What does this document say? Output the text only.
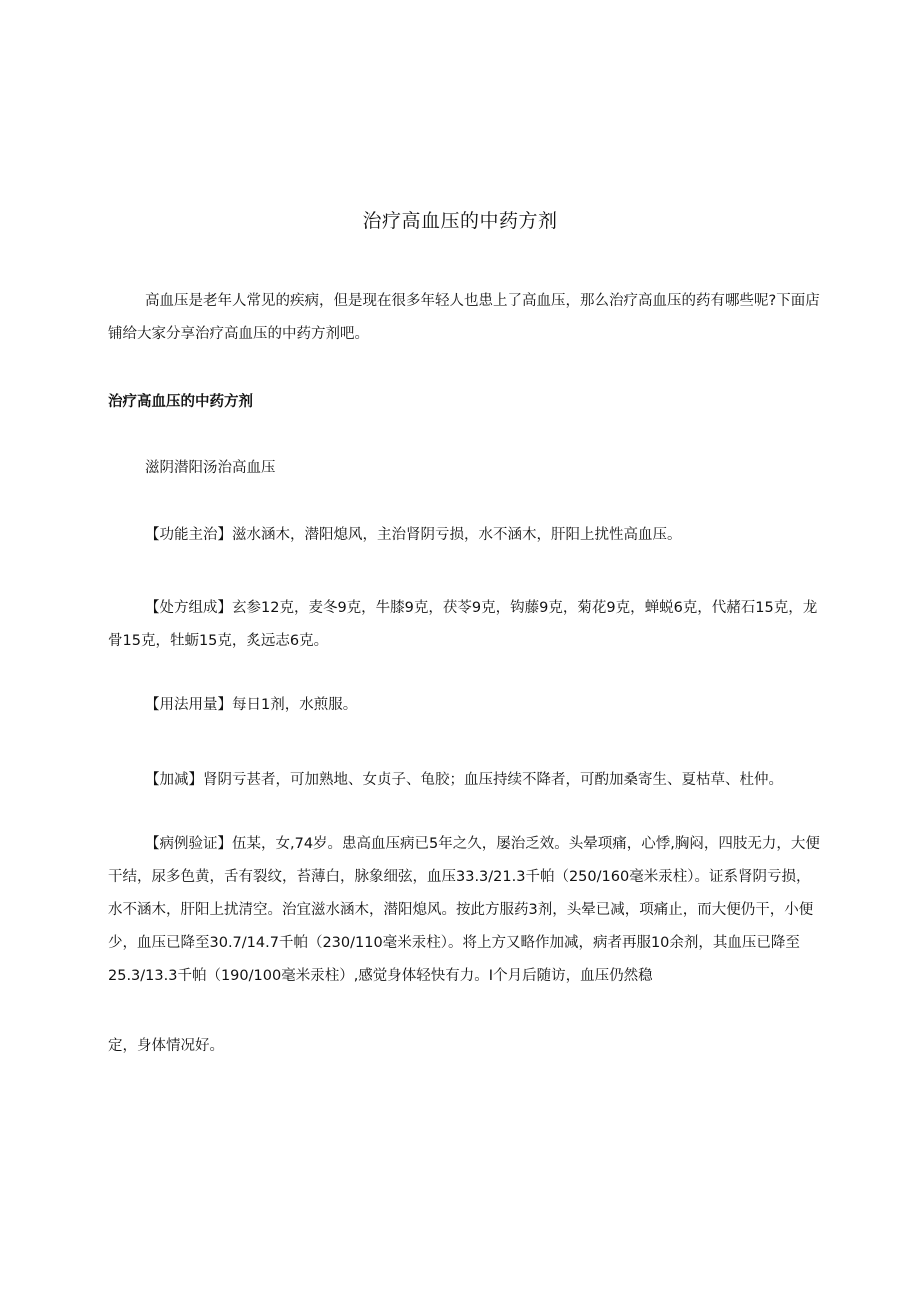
治疗高血压的中药方剂

高血压是老年人常见的疾病，但是现在很多年轻人也患上了高血压，那么治疗高血压的药有哪些呢?下面店铺给大家分享治疗高血压的中药方剂吧。

治疗高血压的中药方剂

滋阴潜阳汤治高血压

【功能主治】滋水涵木，潜阳熄风，主治肾阴亏损，水不涵木，肝阳上扰性高血压。

【处方组成】玄参12克，麦冬9克，牛膝9克，茯苓9克，钩藤9克，菊花9克，蝉蜕6克，代赭石15克，龙骨15克，牡蛎15克，炙远志6克。

【用法用量】每日1剂，水煎服。

【加减】肾阴亏甚者，可加熟地、女贞子、龟胶；血压持续不降者，可酌加桑寄生、夏枯草、杜仲。

【病例验证】伍某，女,74岁。患高血压病已5年之久，屡治乏效。头晕项痛，心悸,胸闷，四肢无力，大便干结，尿多色黄，舌有裂纹，苔薄白，脉象细弦，血压33.3/21.3千帕（250/160毫米汞柱）。证系肾阴亏损，水不涵木，肝阳上扰清空。治宜滋水涵木，潜阳熄风。按此方服药3剂，头晕已减，项痛止，而大便仍干，小便少，血压已降至30.7/14.7千帕（230/110毫米汞柱）。将上方又略作加减，病者再服10余剂，其血压已降至25.3/13.3千帕（190/100毫米汞柱）,感觉身体轻快有力。I个月后随访，血压仍然稳

定，身体情况好。
